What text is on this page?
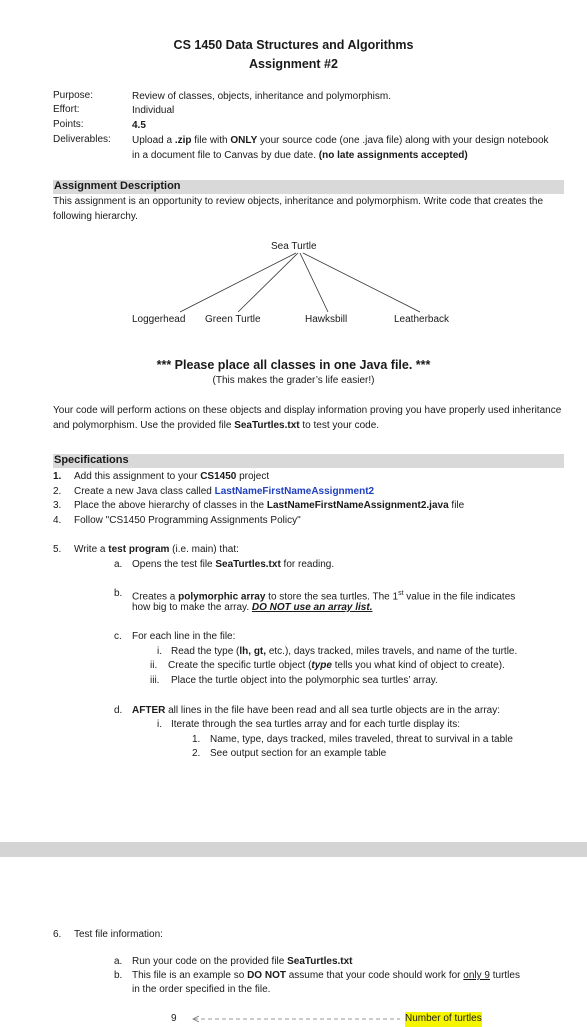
CS 1450 Data Structures and Algorithms
Assignment #2
Purpose:	Review of classes, objects, inheritance and polymorphism.
Effort:	Individual
Points:	4.5
Deliverables: Upload a .zip file with ONLY your source code (one .java file) along with your design notebook in a document file to Canvas by due date. (no late assignments accepted)
Assignment Description
This assignment is an opportunity to review objects, inheritance and polymorphism. Write code that creates the following hierarchy.
Sea Turtle
Loggerhead Green Turtle	Hawksbill	Leatherback
*** Please place all classes in one Java file. ***
(This makes the grader’s life easier!)
Your code will perform actions on these objects and display information proving you have properly used inheritance and polymorphism. Use the provided file SeaTurtles.txt to test your code.
Specifications
1. Add this assignment to your CS1450 project
2. Create a new Java class called LastNameFirstNameAssignment2
3. Place the above hierarchy of classes in the LastNameFirstNameAssignment2.java file
4. Follow "CS1450 Programming Assignments Policy"
5. Write a test program (i.e. main) that:
a. Opens the test file SeaTurtles.txt for reading.
b. Creates a polymorphic array to store the sea turtles. The 1st value in the file indicates
how big to make the array. DO NOT use an array list.
c. For each line in the file:
i. Read the type (lh, gt, etc.), days tracked, miles travels, and name of the turtle.
ii. Create the specific turtle object (type tells you what kind of object to create).
iii. Place the turtle object into the polymorphic sea turtles’ array.
d. AFTER all lines in the file have been read and all sea turtle objects are in the array:
i. Iterate through the sea turtles array and for each turtle display its:
1. Name, type, days tracked, miles traveled, threat to survival in a table
2. See output section for an example table
6. Test file information:
a. Run your code on the provided file SeaTurtles.txt
b. This file is an example so DO NOT assume that your code should work for only 9 turtles
in the order specified in the file.
9	Number of turtles
